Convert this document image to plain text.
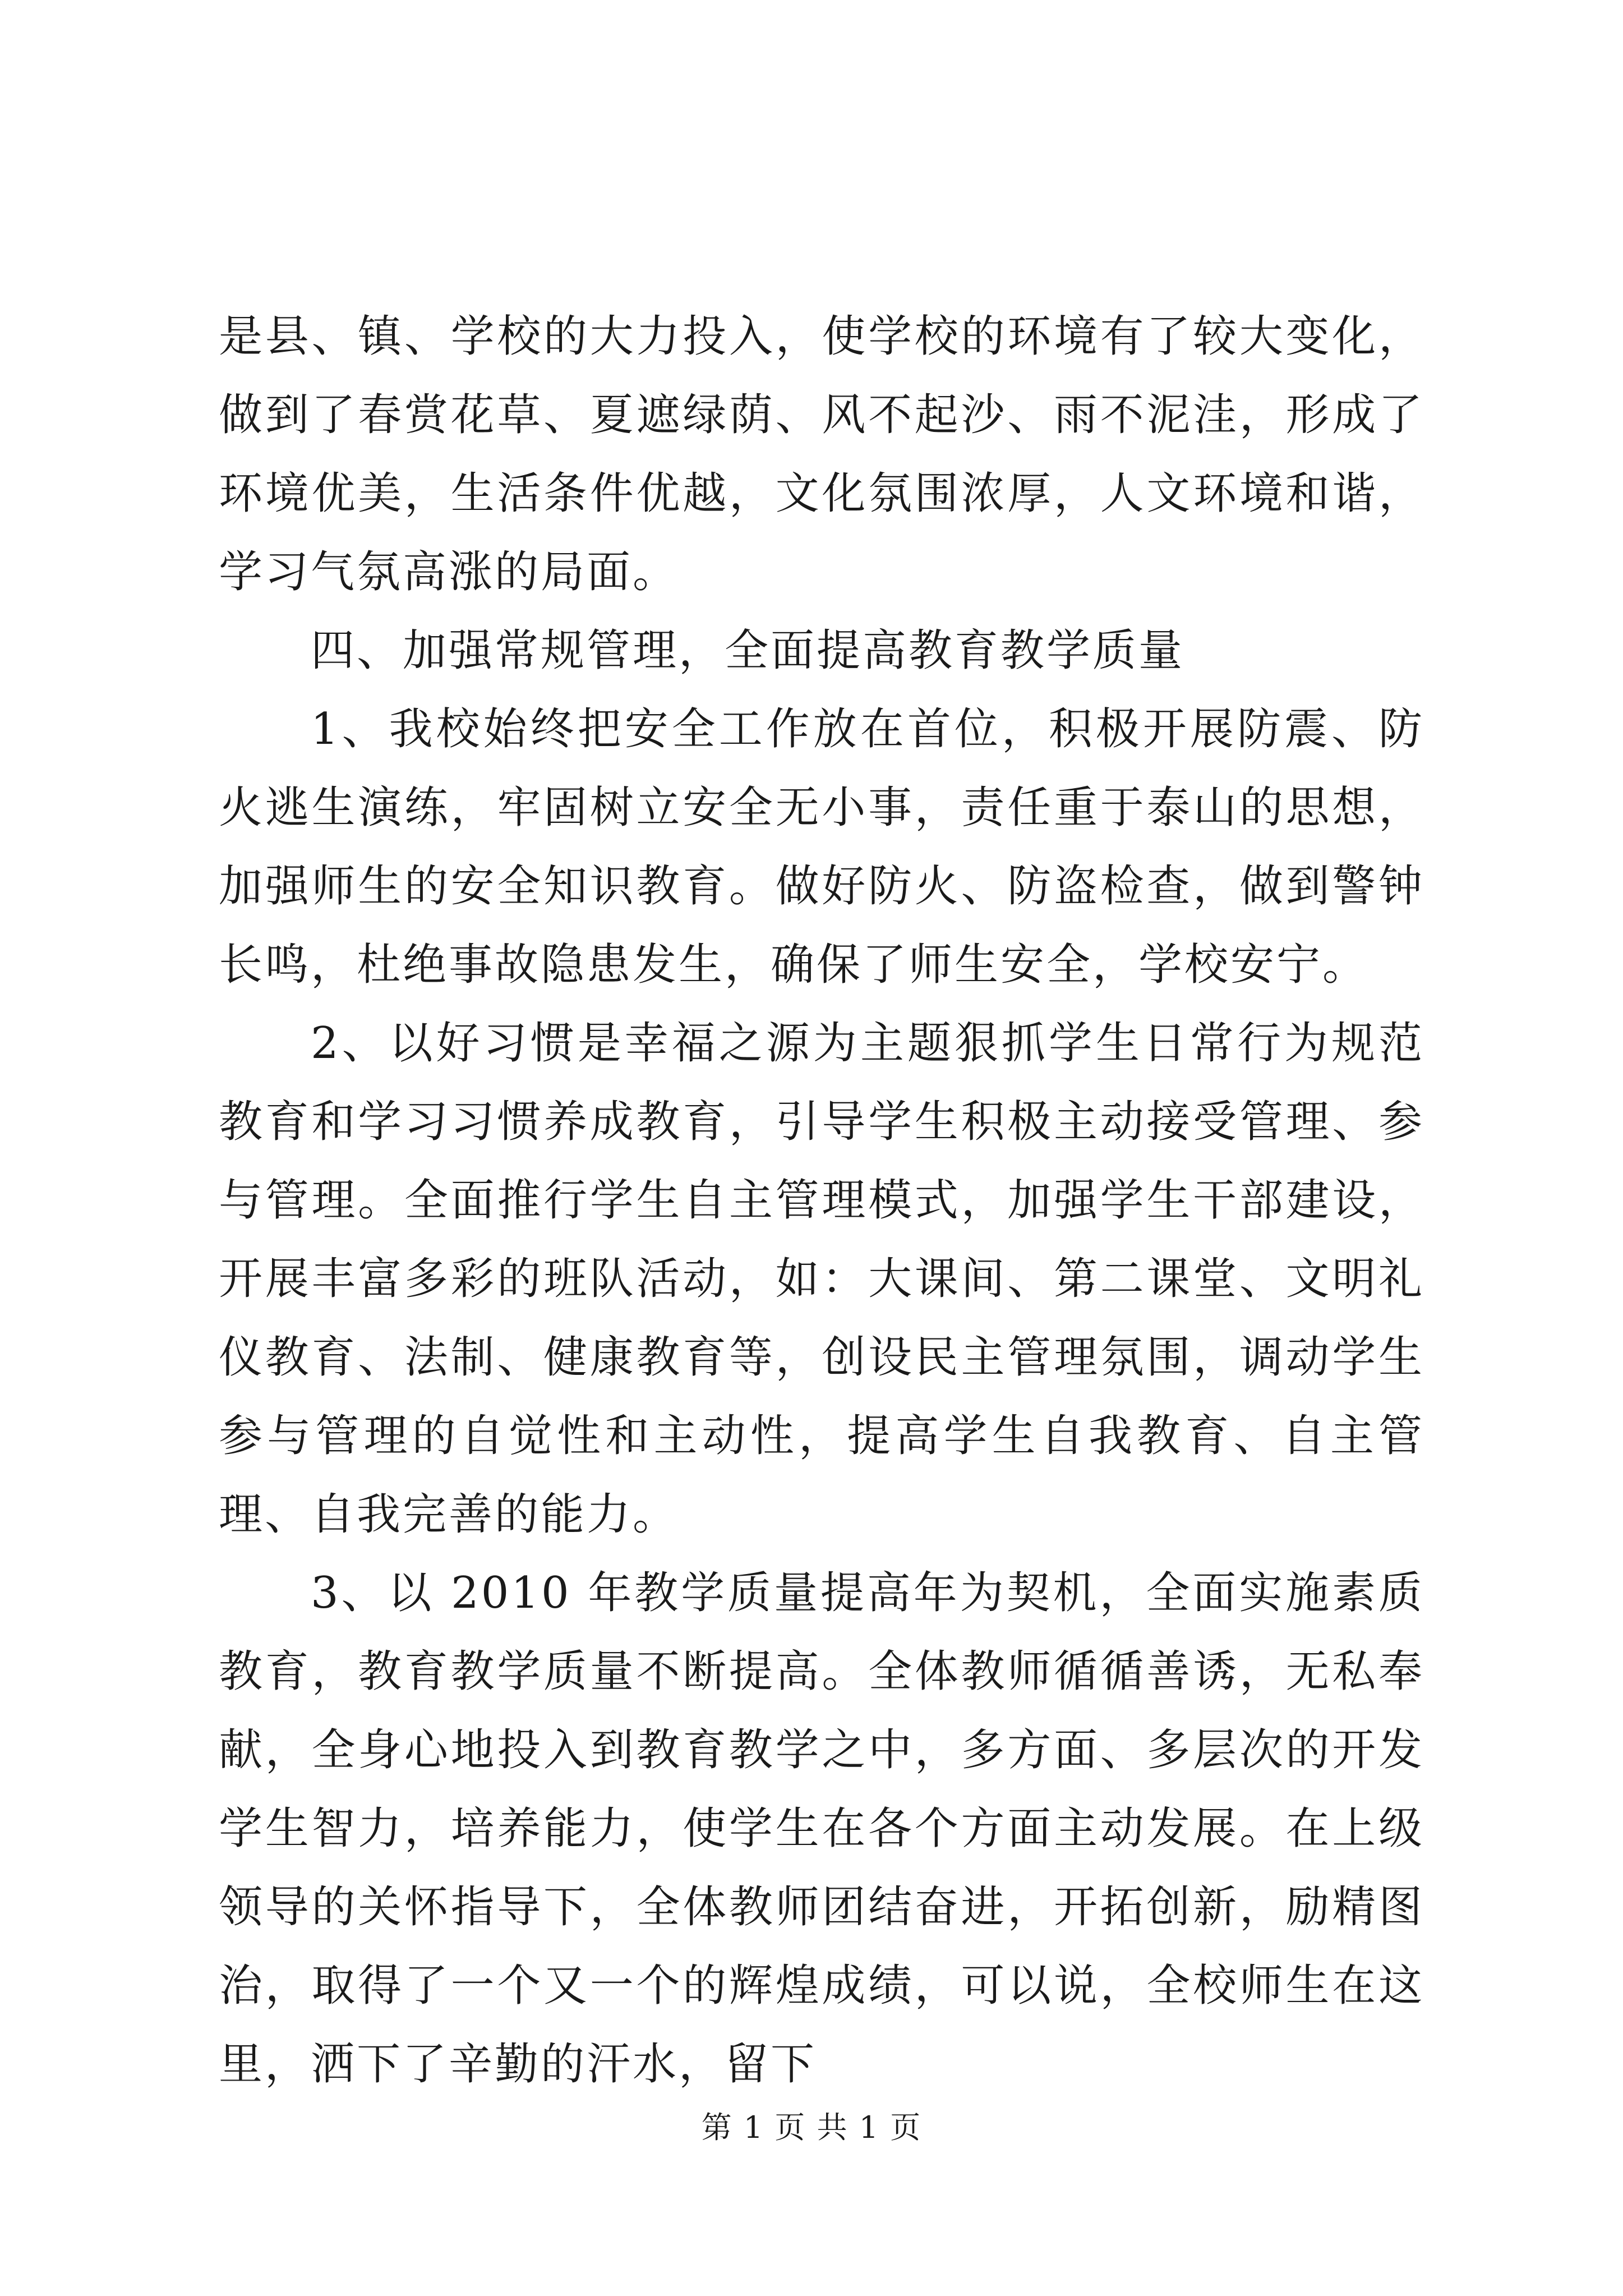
是县、镇、学校的大力投入，使学校的环境有了较大变化，做到了春赏花草、夏遮绿荫、风不起沙、雨不泥洼，形成了环境优美，生活条件优越，文化氛围浓厚，人文环境和谐，学习气氛高涨的局面。

四、加强常规管理，全面提高教育教学质量

1、我校始终把安全工作放在首位，积极开展防震、防火逃生演练，牢固树立安全无小事，责任重于泰山的思想，加强师生的安全知识教育。做好防火、防盗检查，做到警钟长鸣，杜绝事故隐患发生，确保了师生安全，学校安宁。

2、以好习惯是幸福之源为主题狠抓学生日常行为规范教育和学习习惯养成教育，引导学生积极主动接受管理、参与管理。全面推行学生自主管理模式，加强学生干部建设，开展丰富多彩的班队活动，如：大课间、第二课堂、文明礼仪教育、法制、健康教育等，创设民主管理氛围，调动学生参与管理的自觉性和主动性，提高学生自我教育、自主管理、自我完善的能力。

3、以 2010 年教学质量提高年为契机，全面实施素质教育，教育教学质量不断提高。全体教师循循善诱，无私奉献，全身心地投入到教育教学之中，多方面、多层次的开发学生智力，培养能力，使学生在各个方面主动发展。在上级领导的关怀指导下，全体教师团结奋进，开拓创新，励精图治，取得了一个又一个的辉煌成绩，可以说，全校师生在这里，洒下了辛勤的汗水，留下

第 1 页 共 1 页
